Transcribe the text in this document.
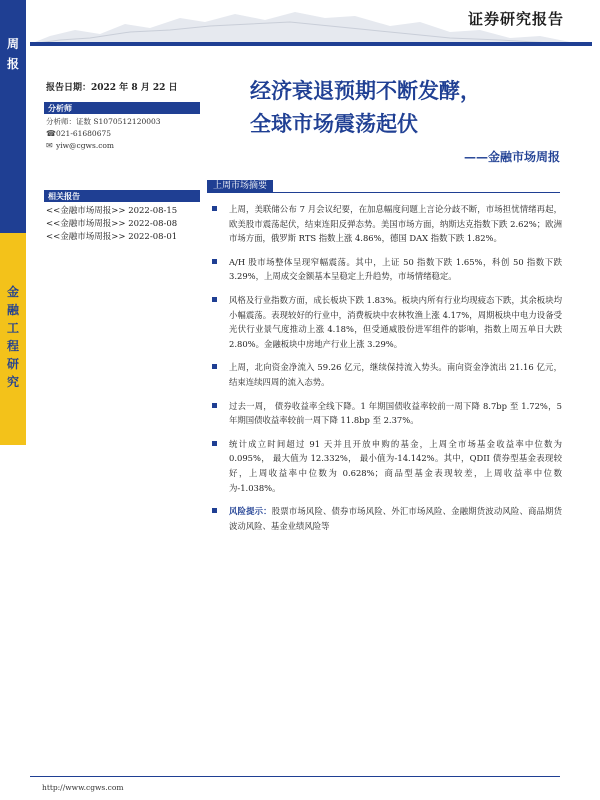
周
报
金
融
工
程
研
究
证券研究报告
报告日期：2022 年 8 月 22 日
分析师
分析师：证数 S1070512120003
☎021-61680675
✉ yiw@cgws.com
相关报告
<<金融市场周报>> 2022-08-15
<<金融市场周报>> 2022-08-08
<<金融市场周报>> 2022-08-01
经济衰退预期不断发酵，
全球市场震荡起伏
——金融市场周报
上周市场摘要
上周，美联储公布 7 月会议纪要，在加息幅度问题上言论分歧不断，市场担忧情绪再起，欧美股市震荡起伏，结束连阳反弹态势。美国市场方面，纳斯达克指数下跌 2.62%；欧洲市场方面，俄罗斯 RTS 指数上涨 4.86%，德国 DAX 指数下跌 1.82%。
A/H 股市场整体呈现窄幅震荡。其中，上证 50 指数下跌 1.65%，科创 50 指数下跌 3.29%，上周成交金额基本呈稳定上升趋势，市场情绪稳定。
风格及行业指数方面，成长板块下跌 1.83%。板块内所有行业均现疲态下跌，其余板块均小幅震荡。表现较好的行业中，消费板块中农林牧渔上涨 4.17%，周期板块中电力设备受光伏行业景气度推动上涨 4.18%，但受通威股份进军组件的影响，指数上周五单日大跌 2.80%。金融板块中房地产行业上涨 3.29%。
上周，北向资金净流入 59.26 亿元，继续保持流入势头。南向资金净流出 21.16 亿元，结束连续四周的流入态势。
过去一周， 债券收益率全线下降。1 年期国债收益率较前一周下降 8.7bp 至 1.72%，5 年期国债收益率较前一周下降 11.8bp 至 2.37%。
统计成立时间超过 91 天并且开放申购的基金，上周全市场基金收益率中位数为 0.095%， 最大值为 12.332%， 最小值为-14.142%。其中，QDII 债券型基金表现较好，上周收益率中位数为 0.628%；商品型基金表现较差，上周收益率中位数为-1.038%。
风险提示：股票市场风险、债券市场风险、外汇市场风险、金融期货波动风险、商品期货波动风险、基金业绩风险等
http://www.cgws.com
